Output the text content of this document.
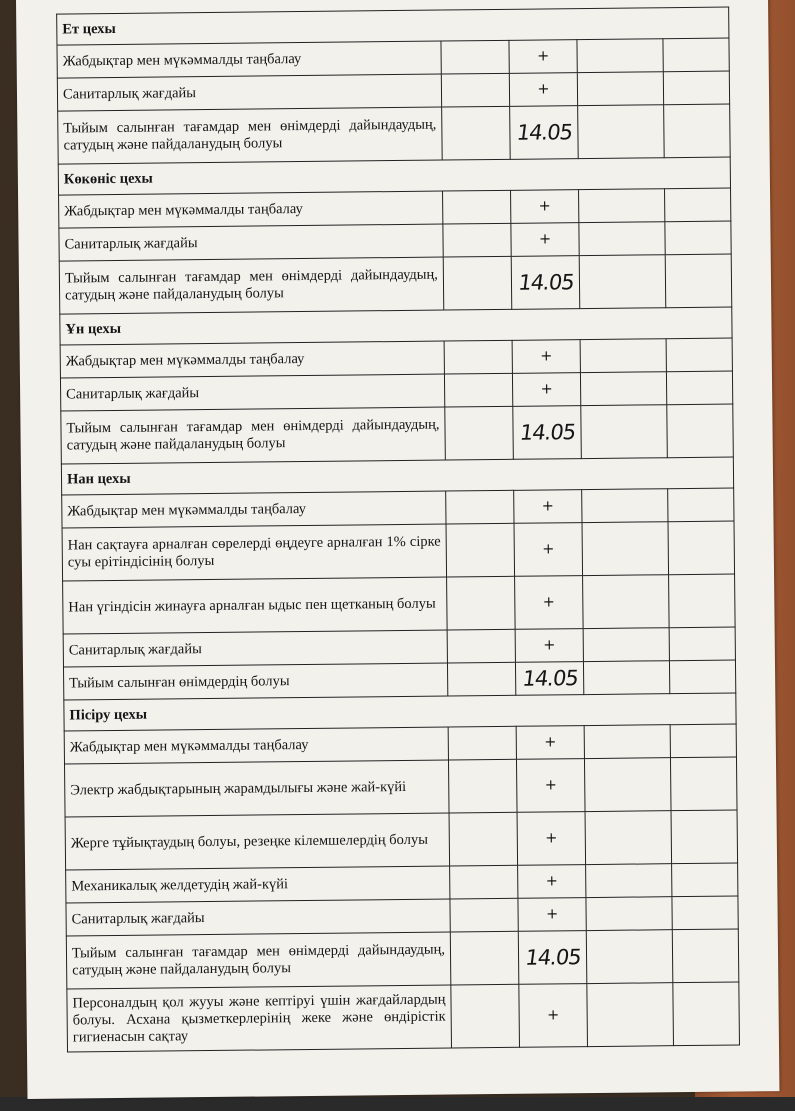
Ет цехы				
Жабдықтар мен мүкәммалды таңбалау		+		
Санитарлық жағдайы		+		
Тыйым салынған тағамдар мен өнімдерді дайындаудың, сатудың және пайдаланудың болуы		14.05		
Көкөніс цехы				
Жабдықтар мен мүкәммалды таңбалау		+		
Санитарлық жағдайы		+		
Тыйым салынған тағамдар мен өнімдерді дайындаудың, сатудың және пайдаланудың болуы		14.05		
Ұн цехы				
Жабдықтар мен мүкәммалды таңбалау		+		
Санитарлық жағдайы		+		
Тыйым салынған тағамдар мен өнімдерді дайындаудың, сатудың және пайдаланудың болуы		14.05		
Нан цехы				
Жабдықтар мен мүкәммалды таңбалау		+		
Нан сақтауға арналған сөрелерді өңдеуге арналған 1% сірке суы ерітіндісінің болуы		+		
Нан үгіндісін жинауға арналған ыдыс пен щетканың болуы		+		
Санитарлық жағдайы		+		
Тыйым салынған өнімдердің болуы		14.05		
Пісіру цехы				
Жабдықтар мен мүкәммалды таңбалау		+		
Электр жабдықтарының жарамдылығы және жай-күйі		+		
Жерге тұйықтаудың болуы, резеңке кілемшелердің болуы		+		
Механикалық желдетудің жай-күйі		+		
Санитарлық жағдайы		+		
Тыйым салынған тағамдар мен өнімдерді дайындаудың, сатудың және пайдаланудың болуы		14.05		
Персоналдың қол жууы және кептіруі үшін жағдайлардың болуы. Асхана қызметкерлерінің жеке және өндірістік гигиенасын сақтау		+		
